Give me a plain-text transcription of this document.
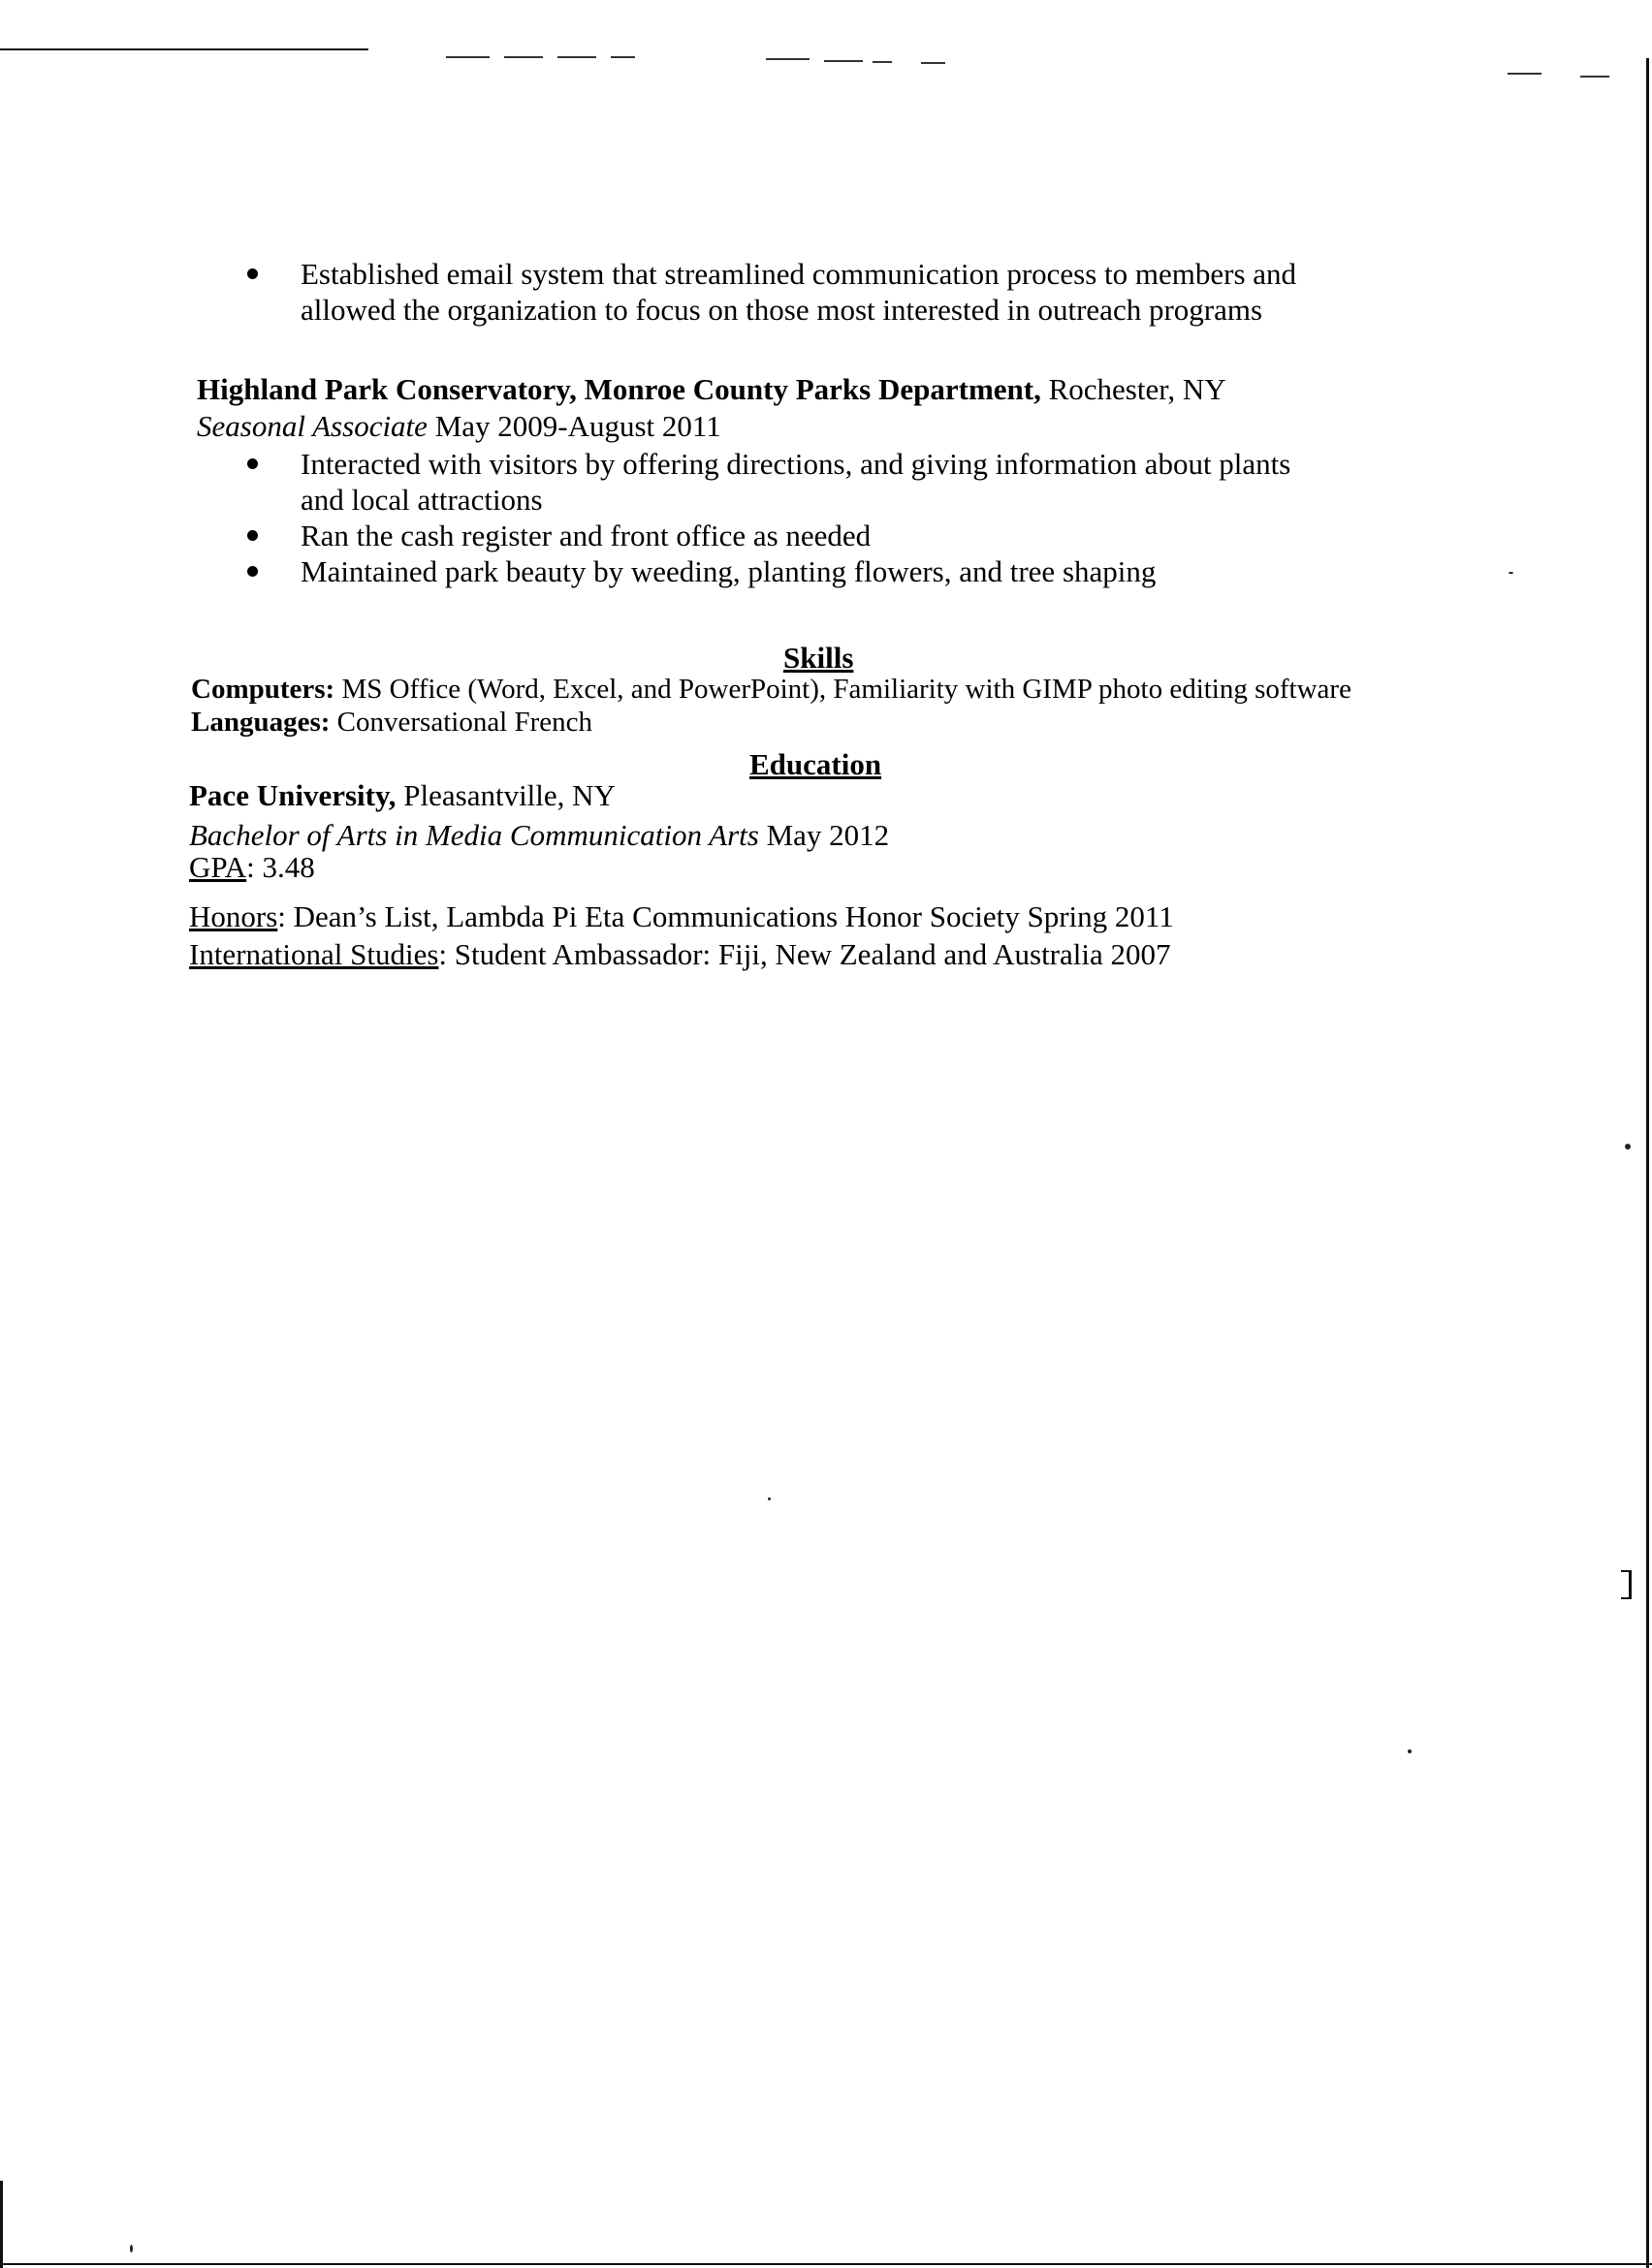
Established email system that streamlined communication process to members and
allowed the organization to focus on those most interested in outreach programs
Highland Park Conservatory, Monroe County Parks Department, Rochester, NY
Seasonal Associate May 2009-August 2011
Interacted with visitors by offering directions, and giving information about plants
and local attractions
Ran the cash register and front office as needed
Maintained park beauty by weeding, planting flowers, and tree shaping
Skills
Computers: MS Office (Word, Excel, and PowerPoint), Familiarity with GIMP photo editing software
Languages: Conversational French
Education
Pace University, Pleasantville, NY
Bachelor of Arts in Media Communication Arts May 2012
GPA: 3.48
Honors: Dean’s List, Lambda Pi Eta Communications Honor Society Spring 2011
International Studies: Student Ambassador: Fiji, New Zealand and Australia 2007
